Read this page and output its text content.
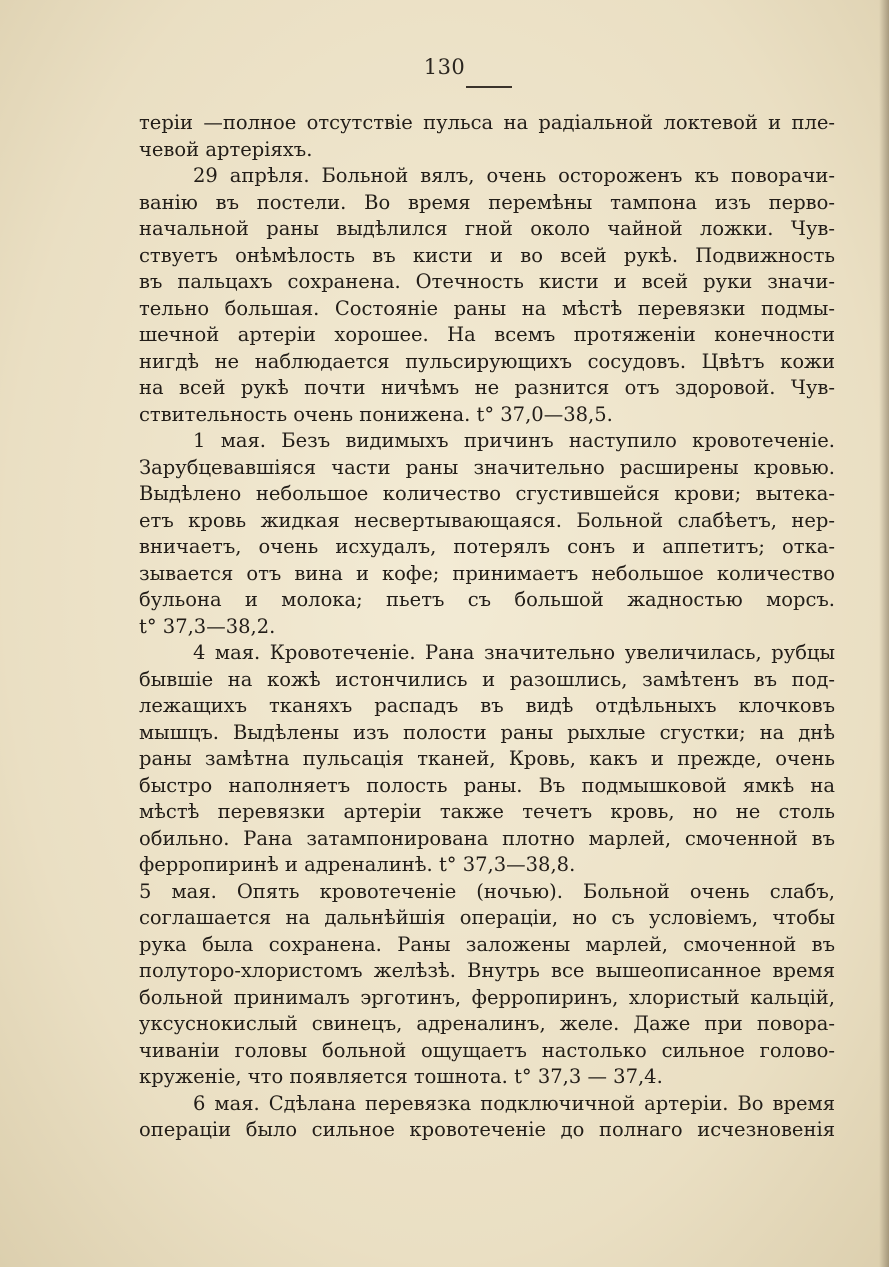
130
теріи —полное отсутствіе пульса на радіальной локтевой и пле-
чевой артеріяхъ.
29 апрѣля. Больной вялъ, очень остороженъ къ поворачи-
ванію въ постели. Во время перемѣны тампона изъ перво-
начальной раны выдѣлился гной около чайной ложки. Чув-
ствуетъ онѣмѣлость въ кисти и во всей рукѣ. Подвижность
въ пальцахъ сохранена. Отечность кисти и всей руки значи-
тельно большая. Состояніе раны на мѣстѣ перевязки подмы-
шечной артеріи хорошее. На всемъ протяженіи конечности
нигдѣ не наблюдается пульсирующихъ сосудовъ. Цвѣтъ кожи
на всей рукѣ почти ничѣмъ не разнится отъ здоровой. Чув-
ствительность очень понижена. t° 37,0—38,5.
1 мая. Безъ видимыхъ причинъ наступило кровотеченіе.
Зарубцевавшіяся части раны значительно расширены кровью.
Выдѣлено небольшое количество сгустившейся крови; вытека-
етъ кровь жидкая несвертывающаяся. Больной слабѣетъ, нер-
вничаетъ, очень исхудалъ, потерялъ сонъ и аппетитъ; отка-
зывается отъ вина и кофе; принимаетъ небольшое количество
бульона и молока; пьетъ съ большой жадностью морсъ.
t° 37,3—38,2.
4 мая. Кровотеченіе. Рана значительно увеличилась, рубцы
бывшіе на кожѣ истончились и разошлись, замѣтенъ въ под-
лежащихъ тканяхъ распадъ въ видѣ отдѣльныхъ клочковъ
мышцъ. Выдѣлены изъ полости раны рыхлые сгустки; на днѣ
раны замѣтна пульсація тканей, Кровь, какъ и прежде, очень
быстро наполняетъ полость раны. Въ подмышковой ямкѣ на
мѣстѣ перевязки артеріи также течетъ кровь, но не столь
обильно. Рана затампонирована плотно марлей, смоченной въ
ферропиринѣ и адреналинѣ. t° 37,3—38,8.
5 мая. Опять кровотеченіе (ночью). Больной очень слабъ,
соглашается на дальнѣйшія операціи, но съ условіемъ, чтобы
рука была сохранена. Раны заложены марлей, смоченной въ
полуторо-хлористомъ желѣзѣ. Внутрь все вышеописанное время
больной принималъ эрготинъ, ферропиринъ, хлористый кальцій,
уксуснокислый свинецъ, адреналинъ, желе. Даже при повора-
чиваніи головы больной ощущаетъ настолько сильное голово-
круженіе, что появляется тошнота. t° 37,3 — 37,4.
6 мая. Сдѣлана перевязка подключичной артеріи. Во время
операціи было сильное кровотеченіе до полнаго исчезновенія
